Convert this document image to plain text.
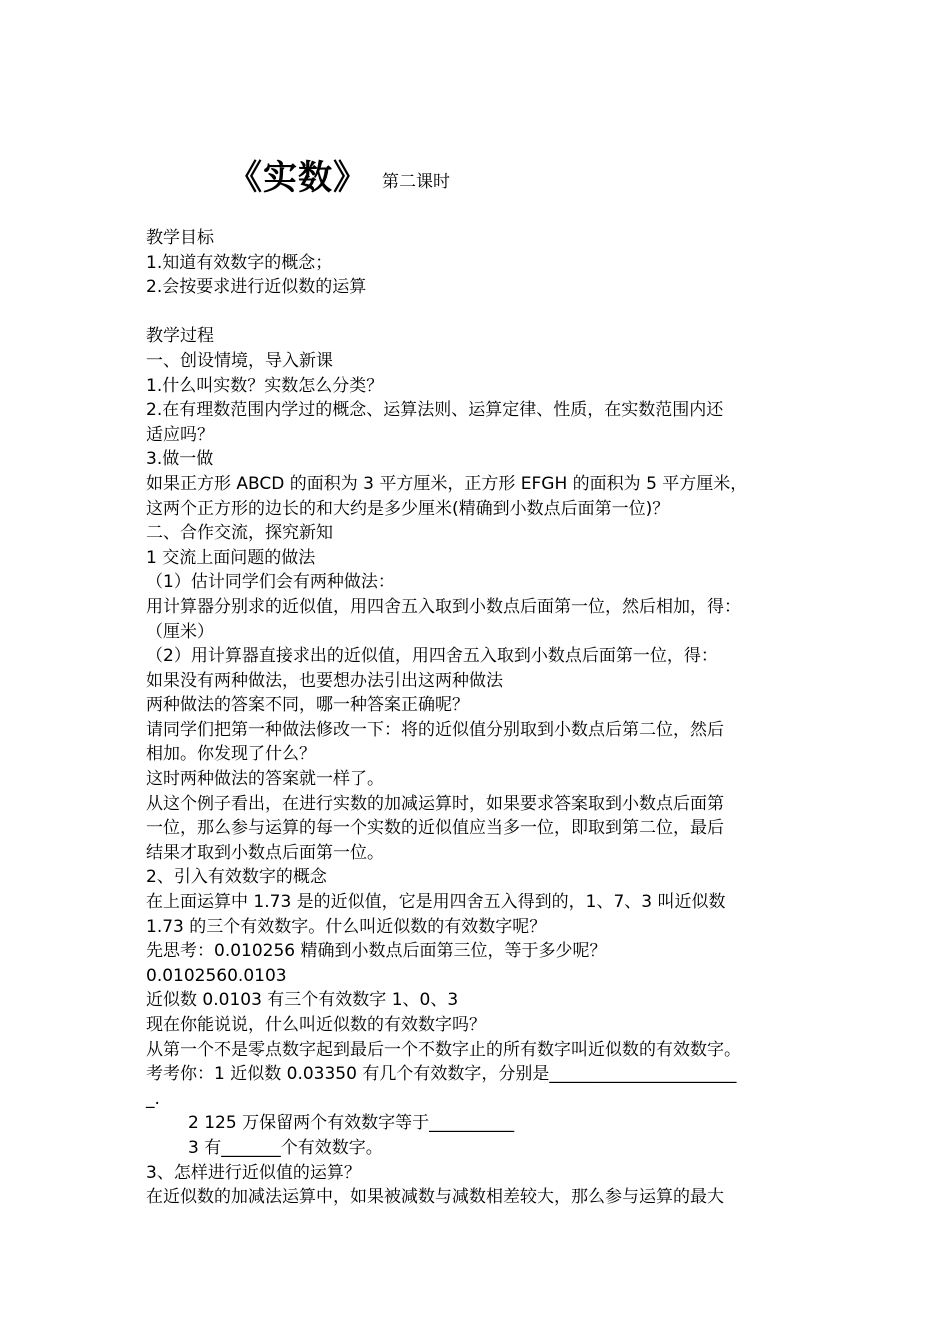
《实数》 第二课时
教学目标
1.知道有效数字的概念；
2.会按要求进行近似数的运算
教学过程
一、创设情境，导入新课
1.什么叫实数？实数怎么分类？
2.在有理数范围内学过的概念、运算法则、运算定律、性质，在实数范围内还
适应吗？
3.做一做
如果正方形 ABCD 的面积为 3 平方厘米，正方形 EFGH 的面积为 5 平方厘米，
这两个正方形的边长的和大约是多少厘米(精确到小数点后面第一位)？
二、合作交流，探究新知
1 交流上面问题的做法
（1）估计同学们会有两种做法：
用计算器分别求的近似值，用四舍五入取到小数点后面第一位，然后相加，得：
（厘米）
（2）用计算器直接求出的近似值，用四舍五入取到小数点后面第一位，得：
如果没有两种做法，也要想办法引出这两种做法
两种做法的答案不同，哪一种答案正确呢？
请同学们把第一种做法修改一下：将的近似值分别取到小数点后第二位，然后
相加。你发现了什么？
这时两种做法的答案就一样了。
从这个例子看出，在进行实数的加减运算时，如果要求答案取到小数点后面第
一位，那么参与运算的每一个实数的近似值应当多一位，即取到第二位，最后
结果才取到小数点后面第一位。
2、引入有效数字的概念
在上面运算中 1.73 是的近似值，它是用四舍五入得到的，1、7、3 叫近似数
1.73 的三个有效数字。什么叫近似数的有效数字呢？
先思考：0.010256 精确到小数点后面第三位，等于多少呢？
0.0102560.0103
近似数 0.0103 有三个有效数字 1、0、3
现在你能说说，什么叫近似数的有效数字吗？
从第一个不是零点数字起到最后一个不数字止的所有数字叫近似数的有效数字。
考考你：1 近似数 0.03350 有几个有效数字，分别是______________________
_.
2 125 万保留两个有效数字等于__________
3 有_______个有效数字。
3、怎样进行近似值的运算？
在近似数的加减法运算中，如果被减数与减数相差较大，那么参与运算的最大
